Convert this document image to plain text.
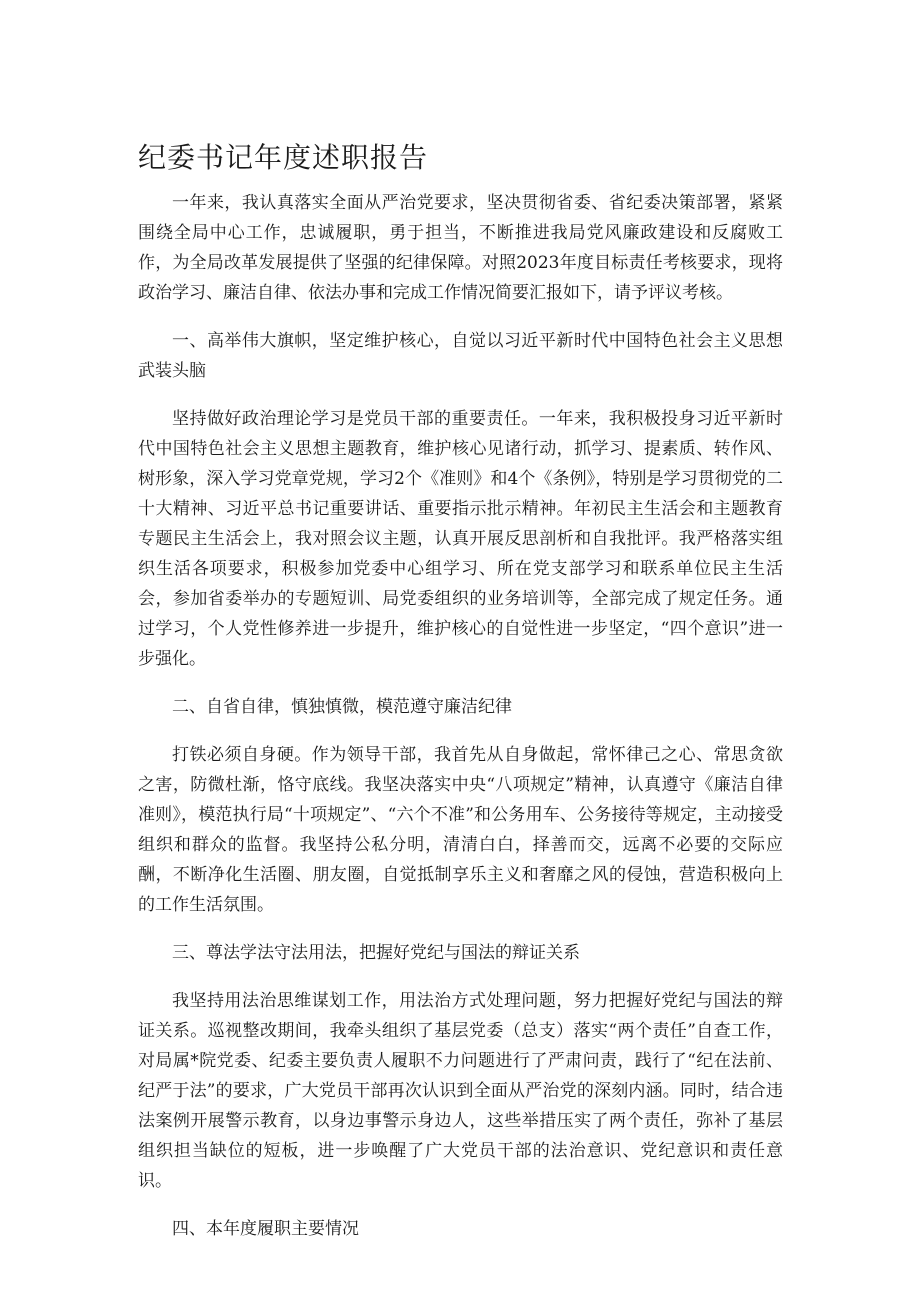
纪委书记年度述职报告

一年来，我认真落实全面从严治党要求，坚决贯彻省委、省纪委决策部署，紧紧围绕全局中心工作，忠诚履职，勇于担当，不断推进我局党风廉政建设和反腐败工作，为全局改革发展提供了坚强的纪律保障。对照2023年度目标责任考核要求，现将政治学习、廉洁自律、依法办事和完成工作情况简要汇报如下，请予评议考核。

一、高举伟大旗帜，坚定维护核心，自觉以习近平新时代中国特色社会主义思想武装头脑

坚持做好政治理论学习是党员干部的重要责任。一年来，我积极投身习近平新时代中国特色社会主义思想主题教育，维护核心见诸行动，抓学习、提素质、转作风、树形象，深入学习党章党规，学习2个《准则》和4个《条例》，特别是学习贯彻党的二十大精神、习近平总书记重要讲话、重要指示批示精神。年初民主生活会和主题教育专题民主生活会上，我对照会议主题，认真开展反思剖析和自我批评。我严格落实组织生活各项要求，积极参加党委中心组学习、所在党支部学习和联系单位民主生活会，参加省委举办的专题短训、局党委组织的业务培训等，全部完成了规定任务。通过学习，个人党性修养进一步提升，维护核心的自觉性进一步坚定，“四个意识”进一步强化。

二、自省自律，慎独慎微，模范遵守廉洁纪律

打铁必须自身硬。作为领导干部，我首先从自身做起，常怀律己之心、常思贪欲之害，防微杜渐，恪守底线。我坚决落实中央“八项规定”精神，认真遵守《廉洁自律准则》，模范执行局“十项规定”、“六个不准”和公务用车、公务接待等规定，主动接受组织和群众的监督。我坚持公私分明，清清白白，择善而交，远离不必要的交际应酬，不断净化生活圈、朋友圈，自觉抵制享乐主义和奢靡之风的侵蚀，营造积极向上的工作生活氛围。

三、尊法学法守法用法，把握好党纪与国法的辩证关系

我坚持用法治思维谋划工作，用法治方式处理问题，努力把握好党纪与国法的辩证关系。巡视整改期间，我牵头组织了基层党委（总支）落实“两个责任”自查工作，对局属*院党委、纪委主要负责人履职不力问题进行了严肃问责，践行了“纪在法前、纪严于法”的要求，广大党员干部再次认识到全面从严治党的深刻内涵。同时，结合违法案例开展警示教育，以身边事警示身边人，这些举措压实了两个责任，弥补了基层组织担当缺位的短板，进一步唤醒了广大党员干部的法治意识、党纪意识和责任意识。

四、本年度履职主要情况
